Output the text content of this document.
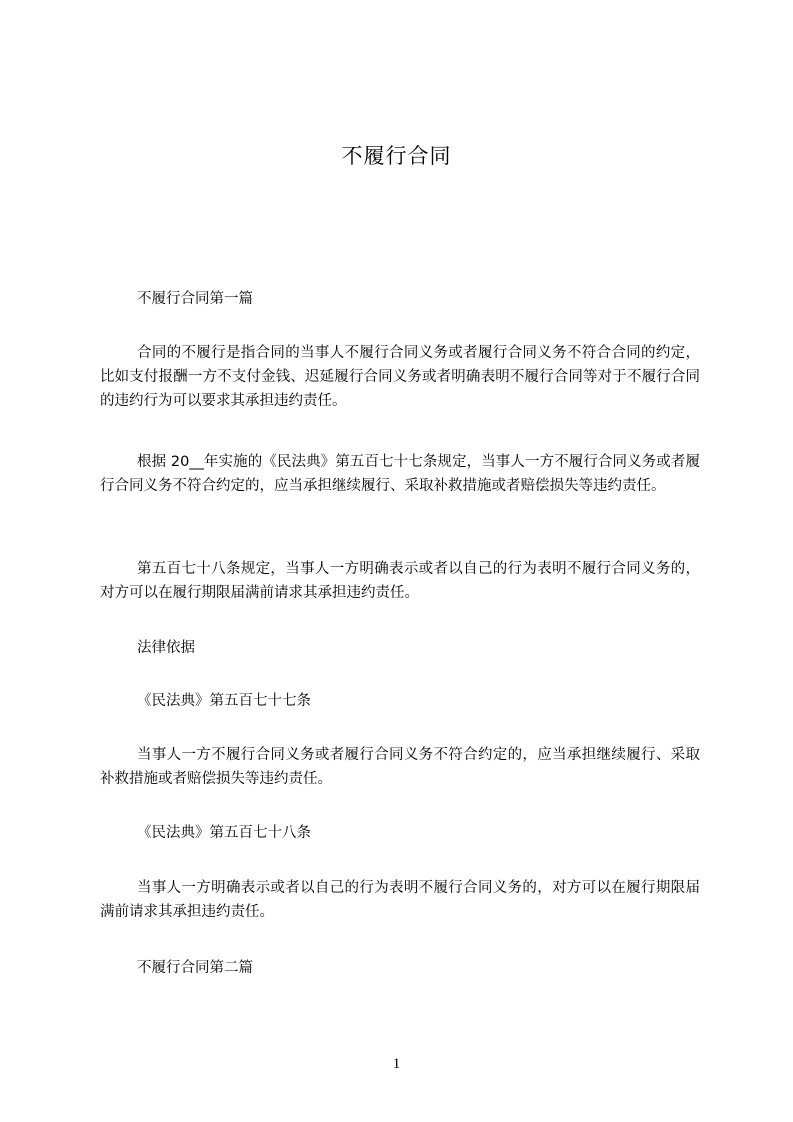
不履行合同

不履行合同第一篇

合同的不履行是指合同的当事人不履行合同义务或者履行合同义务不符合合同的约定，比如支付报酬一方不支付金钱、迟延履行合同义务或者明确表明不履行合同等对于不履行合同的违约行为可以要求其承担违约责任。

根据 20__年实施的《民法典》第五百七十七条规定，当事人一方不履行合同义务或者履行合同义务不符合约定的，应当承担继续履行、采取补救措施或者赔偿损失等违约责任。

第五百七十八条规定，当事人一方明确表示或者以自己的行为表明不履行合同义务的，对方可以在履行期限届满前请求其承担违约责任。

法律依据

《民法典》第五百七十七条

当事人一方不履行合同义务或者履行合同义务不符合约定的，应当承担继续履行、采取补救措施或者赔偿损失等违约责任。

《民法典》第五百七十八条

当事人一方明确表示或者以自己的行为表明不履行合同义务的，对方可以在履行期限届满前请求其承担违约责任。

不履行合同第二篇

1
